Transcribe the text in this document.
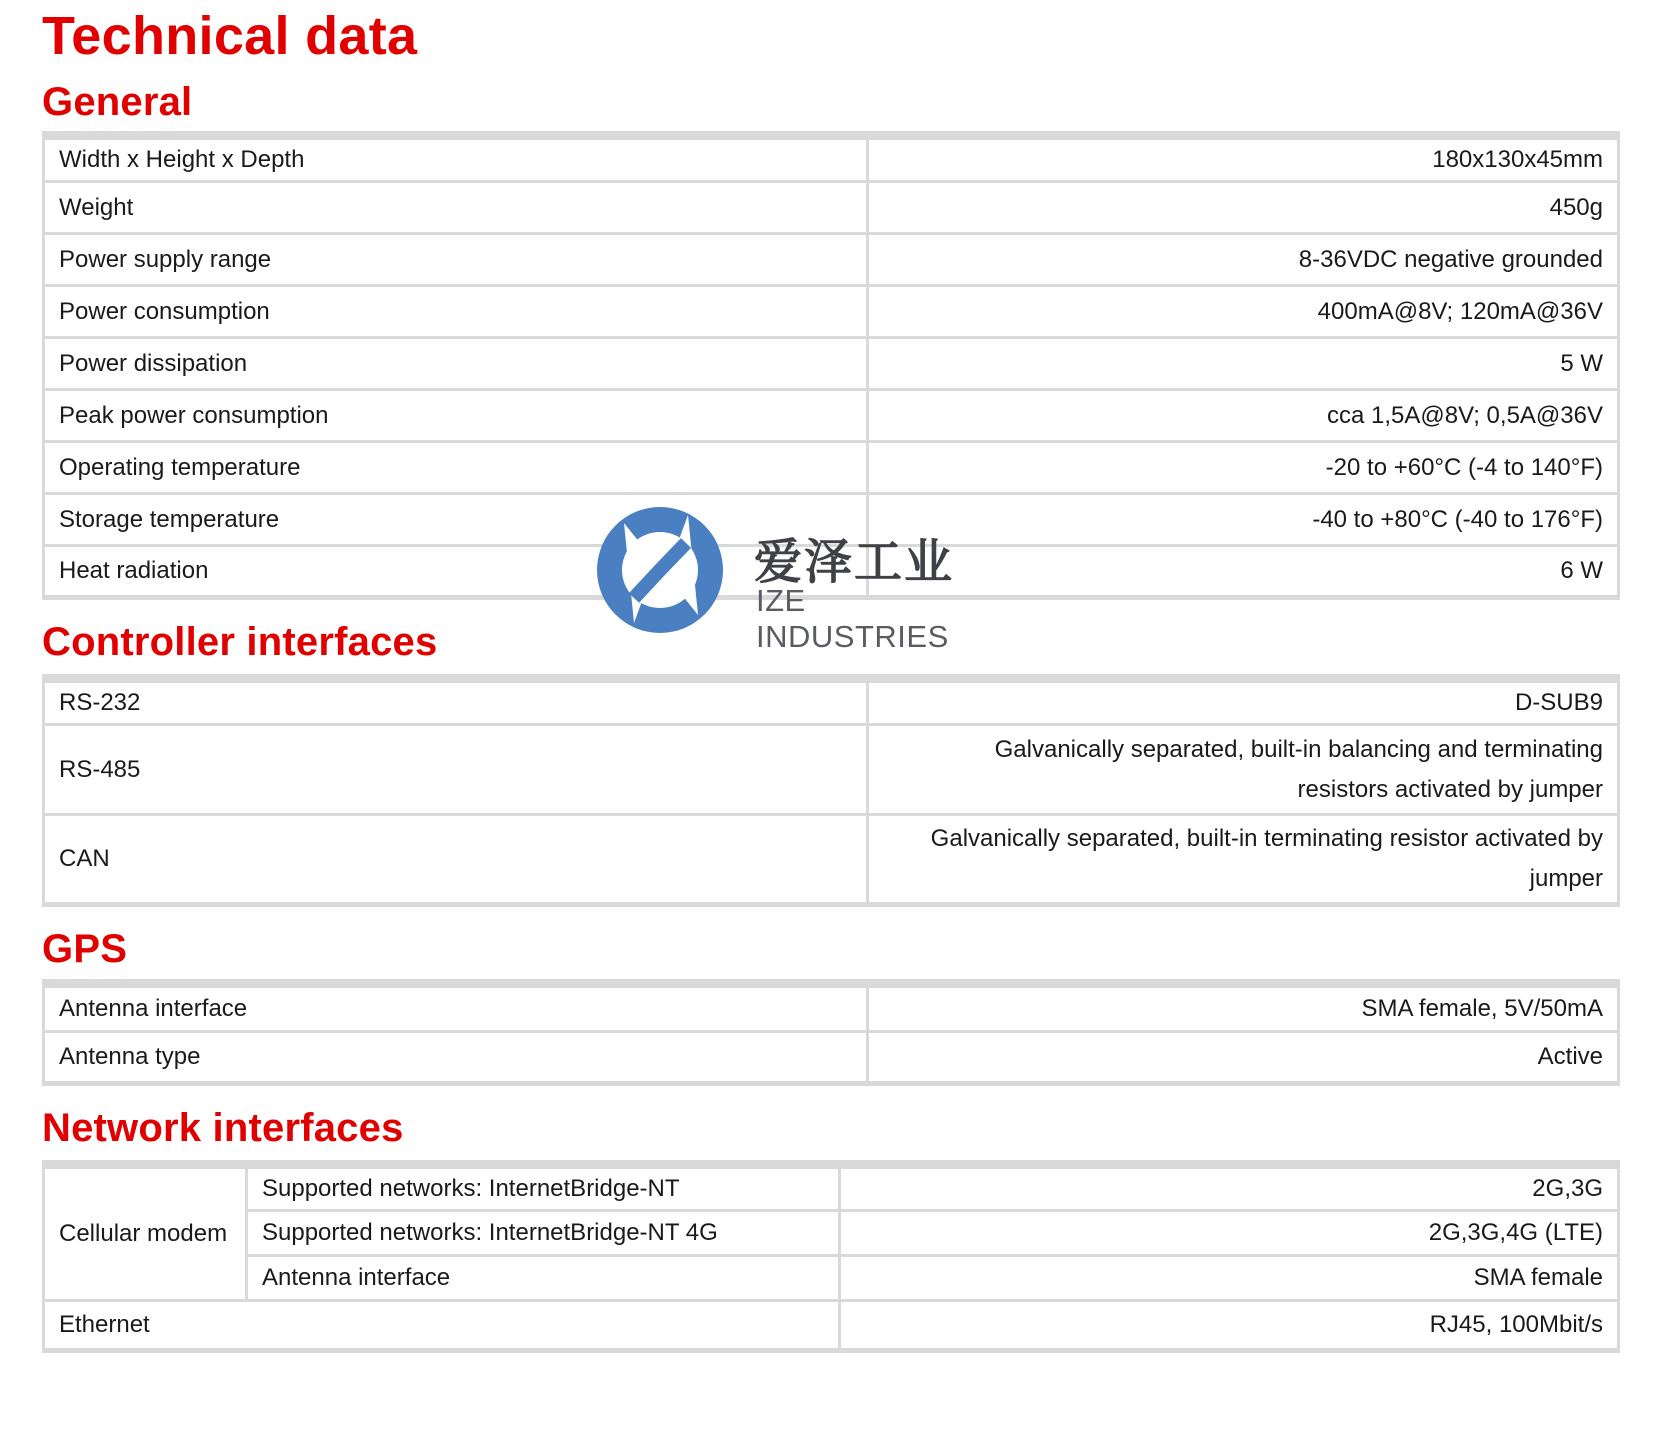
Technical data
General
Width x Height x Depth	180x130x45mm
Weight	450g
Power supply range	8-36VDC negative grounded
Power consumption	400mA@8V; 120mA@36V
Power dissipation	5 W
Peak power consumption	cca 1,5A@8V; 0,5A@36V
Operating temperature	-20 to +60°C (-4 to 140°F)
Storage temperature	-40 to +80°C (-40 to 176°F)
Heat radiation	6 W
Controller interfaces
RS-232	D-SUB9
RS-485	Galvanically separated, built-in balancing and terminating
resistors activated by jumper

CAN	Galvanically separated, built-in terminating resistor activated by
jumper
GPS
Antenna interface	SMA female, 5V/50mA
Antenna type	Active
Network interfaces
Cellular modem	Supported networks: InternetBridge-NT	2G,3G
	Supported networks: InternetBridge-NT 4G	2G,3G,4G (LTE)
	Antenna interface	SMA female
Ethernet		RJ45, 100Mbit/s
爱泽工业
IZE INDUSTRIES
